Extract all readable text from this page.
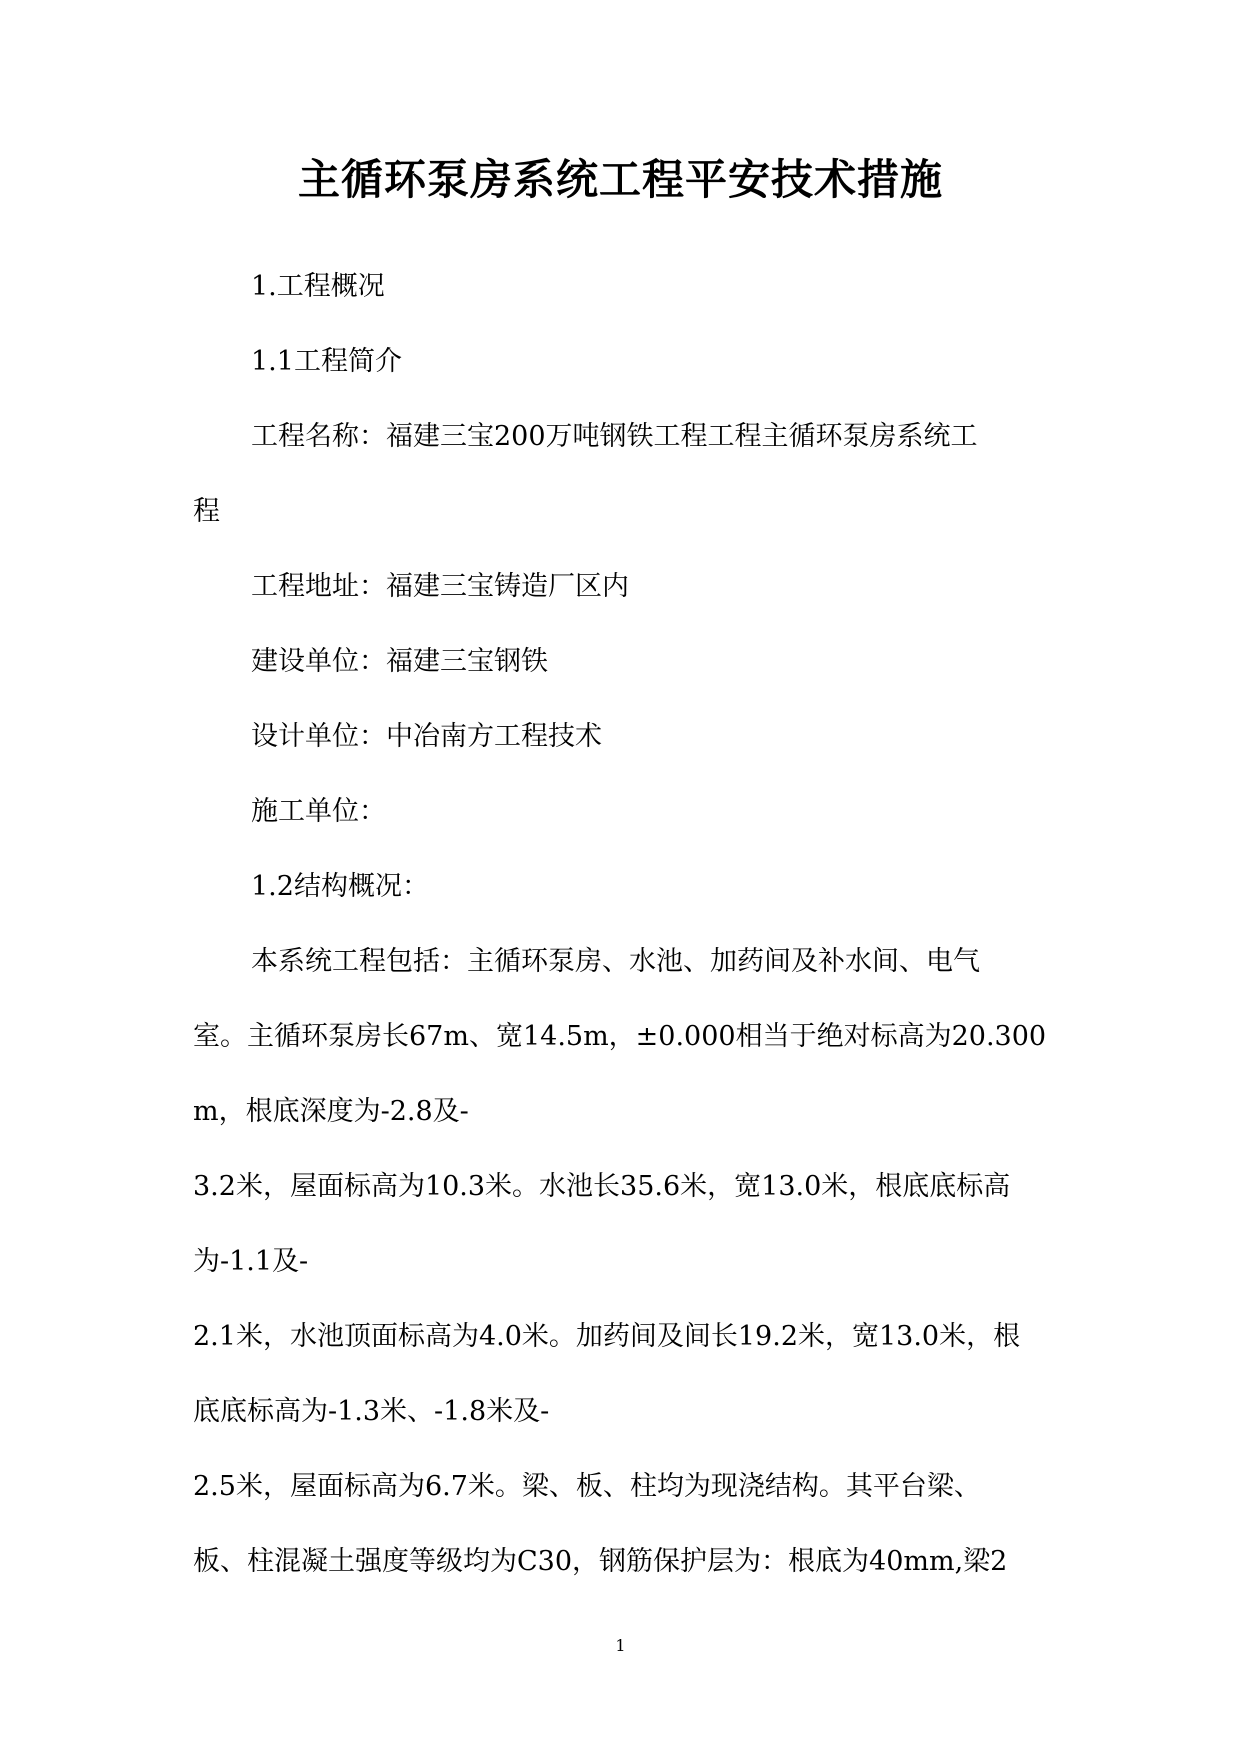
主循环泵房系统工程平安技术措施
1.工程概况
1.1工程简介
工程名称：福建三宝200万吨钢铁工程工程主循环泵房系统工
程
工程地址：福建三宝铸造厂区内
建设单位：福建三宝钢铁
设计单位：中冶南方工程技术
施工单位：
1.2结构概况：
本系统工程包括：主循环泵房、水池、加药间及补水间、电气
室。主循环泵房长67m、宽14.5m，±0.000相当于绝对标高为20.300
m，根底深度为-2.8及-
3.2米，屋面标高为10.3米。水池长35.6米，宽13.0米，根底底标高
为-1.1及-
2.1米，水池顶面标高为4.0米。加药间及间长19.2米，宽13.0米，根
底底标高为-1.3米、-1.8米及-
2.5米，屋面标高为6.7米。梁、板、柱均为现浇结构。其平台梁、
板、柱混凝土强度等级均为C30，钢筋保护层为：根底为40mm,梁2
1
